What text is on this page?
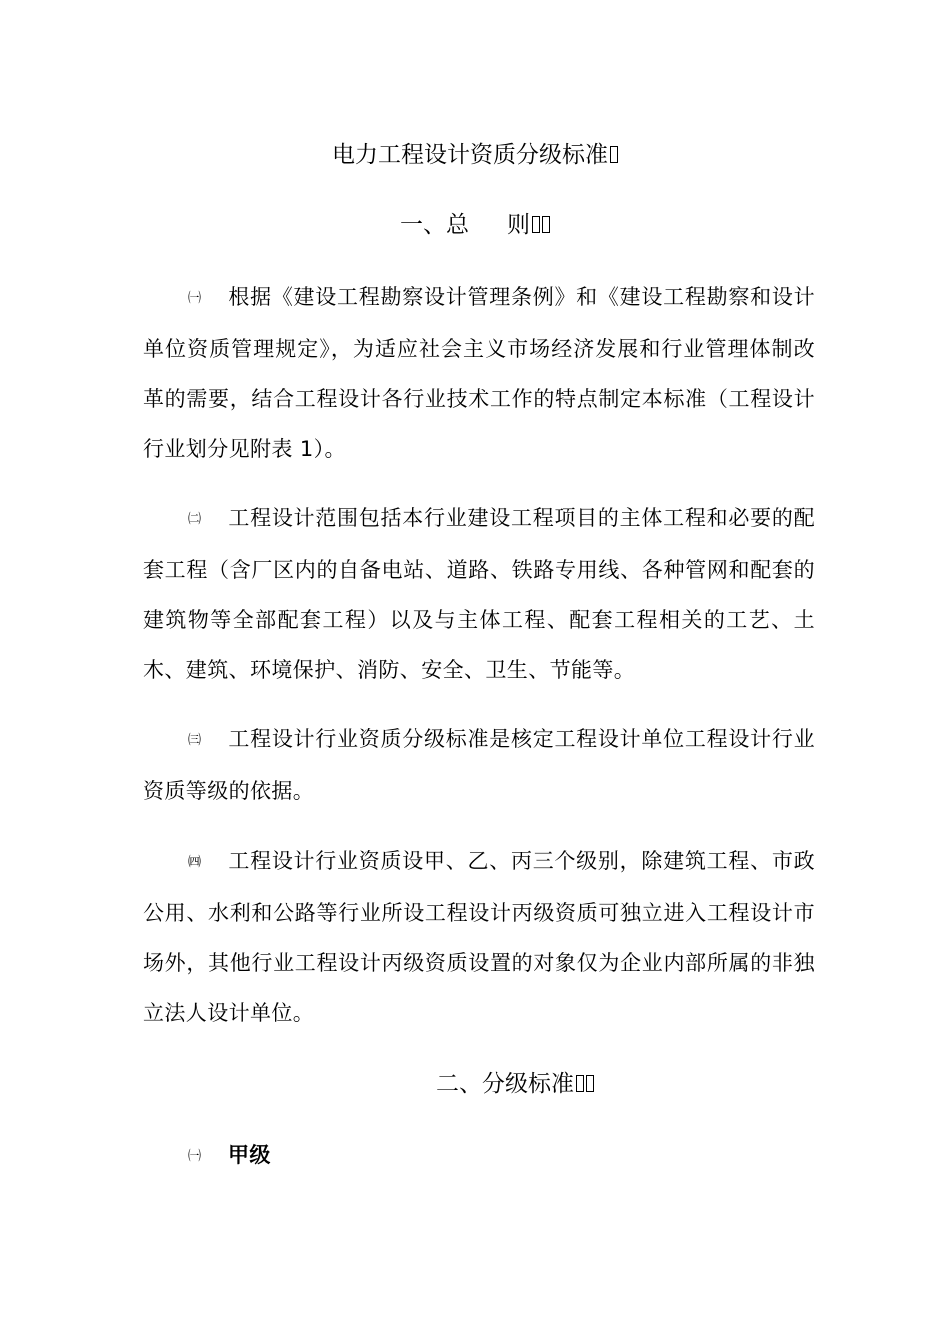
电力工程设计资质分级标准
一、总 则
㈠ 根据《建设工程勘察设计管理条例》和《建设工程勘察和设计单位资质管理规定》，为适应社会主义市场经济发展和行业管理体制改革的需要，结合工程设计各行业技术工作的特点制定本标准（工程设计行业划分见附表 1）。
㈡ 工程设计范围包括本行业建设工程项目的主体工程和必要的配套工程（含厂区内的自备电站、道路、铁路专用线、各种管网和配套的建筑物等全部配套工程）以及与主体工程、配套工程相关的工艺、土木、建筑、环境保护、消防、安全、卫生、节能等。
㈢ 工程设计行业资质分级标准是核定工程设计单位工程设计行业资质等级的依据。
㈣ 工程设计行业资质设甲、乙、丙三个级别，除建筑工程、市政公用、水利和公路等行业所设工程设计丙级资质可独立进入工程设计市场外，其他行业工程设计丙级资质设置的对象仅为企业内部所属的非独立法人设计单位。
二、分级标准
㈠ 甲级
